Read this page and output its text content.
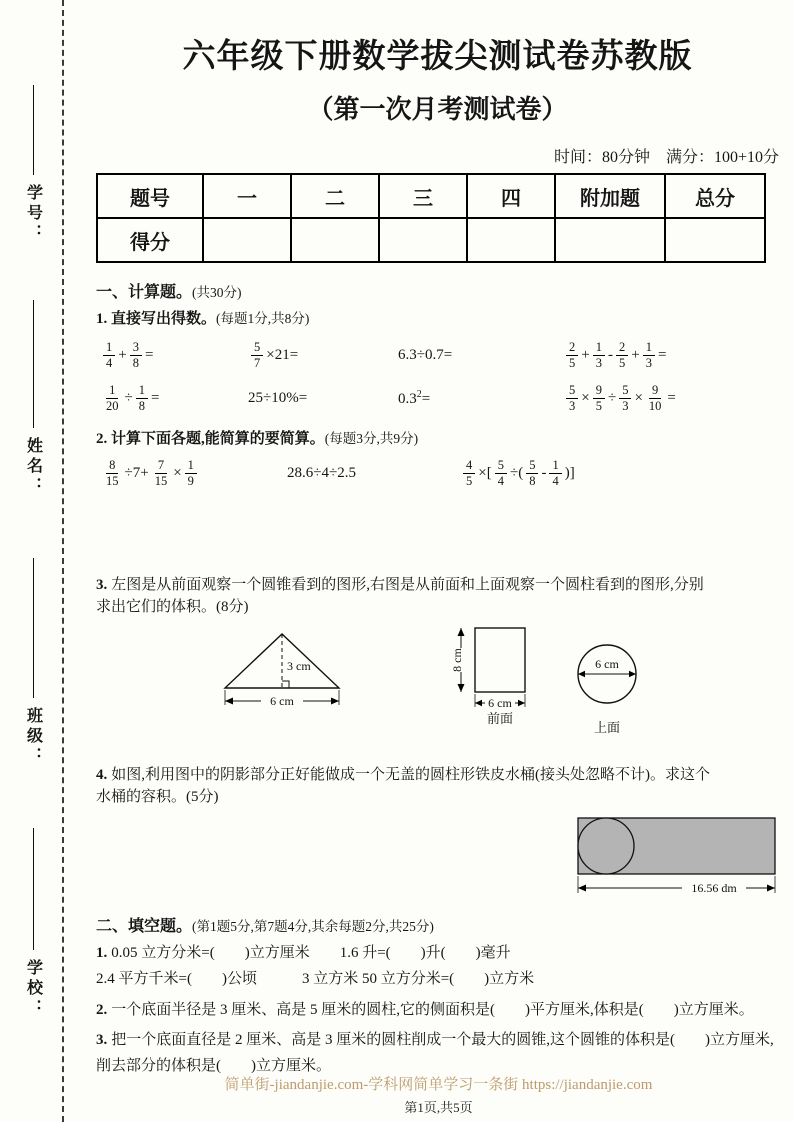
学号：
姓名：
班级：
学校：
六年级下册数学拔尖测试卷苏教版
（第一次月考测试卷）
时间：80分钟　满分：100+10分
题号	一	二	三	四	附加题	总分
得分						
一、计算题。(共30分)
1. 直接写出得数。(每题1分,共8分)
$\frac{1}{4} + \frac{3}{8}$ =	$\frac{5}{7} \times 21=$	6.3÷0.7=	$\frac{2}{5} + \frac{1}{3} - \frac{2}{5} + \frac{1}{3}$ =
$\frac{1}{20} \div \frac{1}{8}$ =	25÷10%=	$0.3^2=$	$\frac{5}{3} \times \frac{9}{5} \div \frac{5}{3} \times \frac{9}{10}$ =
2. 计算下面各题,能简算的要简算。(每题3分,共9分)
$\frac{8}{15} \div 7+ \frac{7}{15} \times \frac{1}{9}$	28.6÷4÷2.5	$\frac{4}{5}$ ×[ $\frac{5}{4}$ ÷( $\frac{5}{8} - \frac{1}{4}$ )]
3. 左图是从前面观察一个圆锥看到的图形,右图是从前面和上面观察一个圆柱看到的图形,分别
求出它们的体积。(8分)
3 cm
6 cm
8 cm
6 cm
前面
6 cm
上面
4. 如图,利用图中的阴影部分正好能做成一个无盖的圆柱形铁皮水桶(接头处忽略不计)。求这个
水桶的容积。(5分)
16.56 dm
二、填空题。(第1题5分,第7题4分,其余每题2分,共25分)
1. 0.05 立方分米=(　　)立方厘米　　1.6 升=(　　)升(　　)毫升
2.4 平方千米=(　　)公顷　　　3 立方米 50 立方分米=(　　)立方米
2. 一个底面半径是 3 厘米、高是 5 厘米的圆柱,它的侧面积是(　　)平方厘米,体积是(　　)立方厘米。
3. 把一个底面直径是 2 厘米、高是 3 厘米的圆柱削成一个最大的圆锥,这个圆锥的体积是(　　)立方厘米,削去部分的体积是(　　)立方厘米。
简单街-jiandanjie.com-学科网简单学习一条街 https://jiandanjie.com
第1页,共5页
